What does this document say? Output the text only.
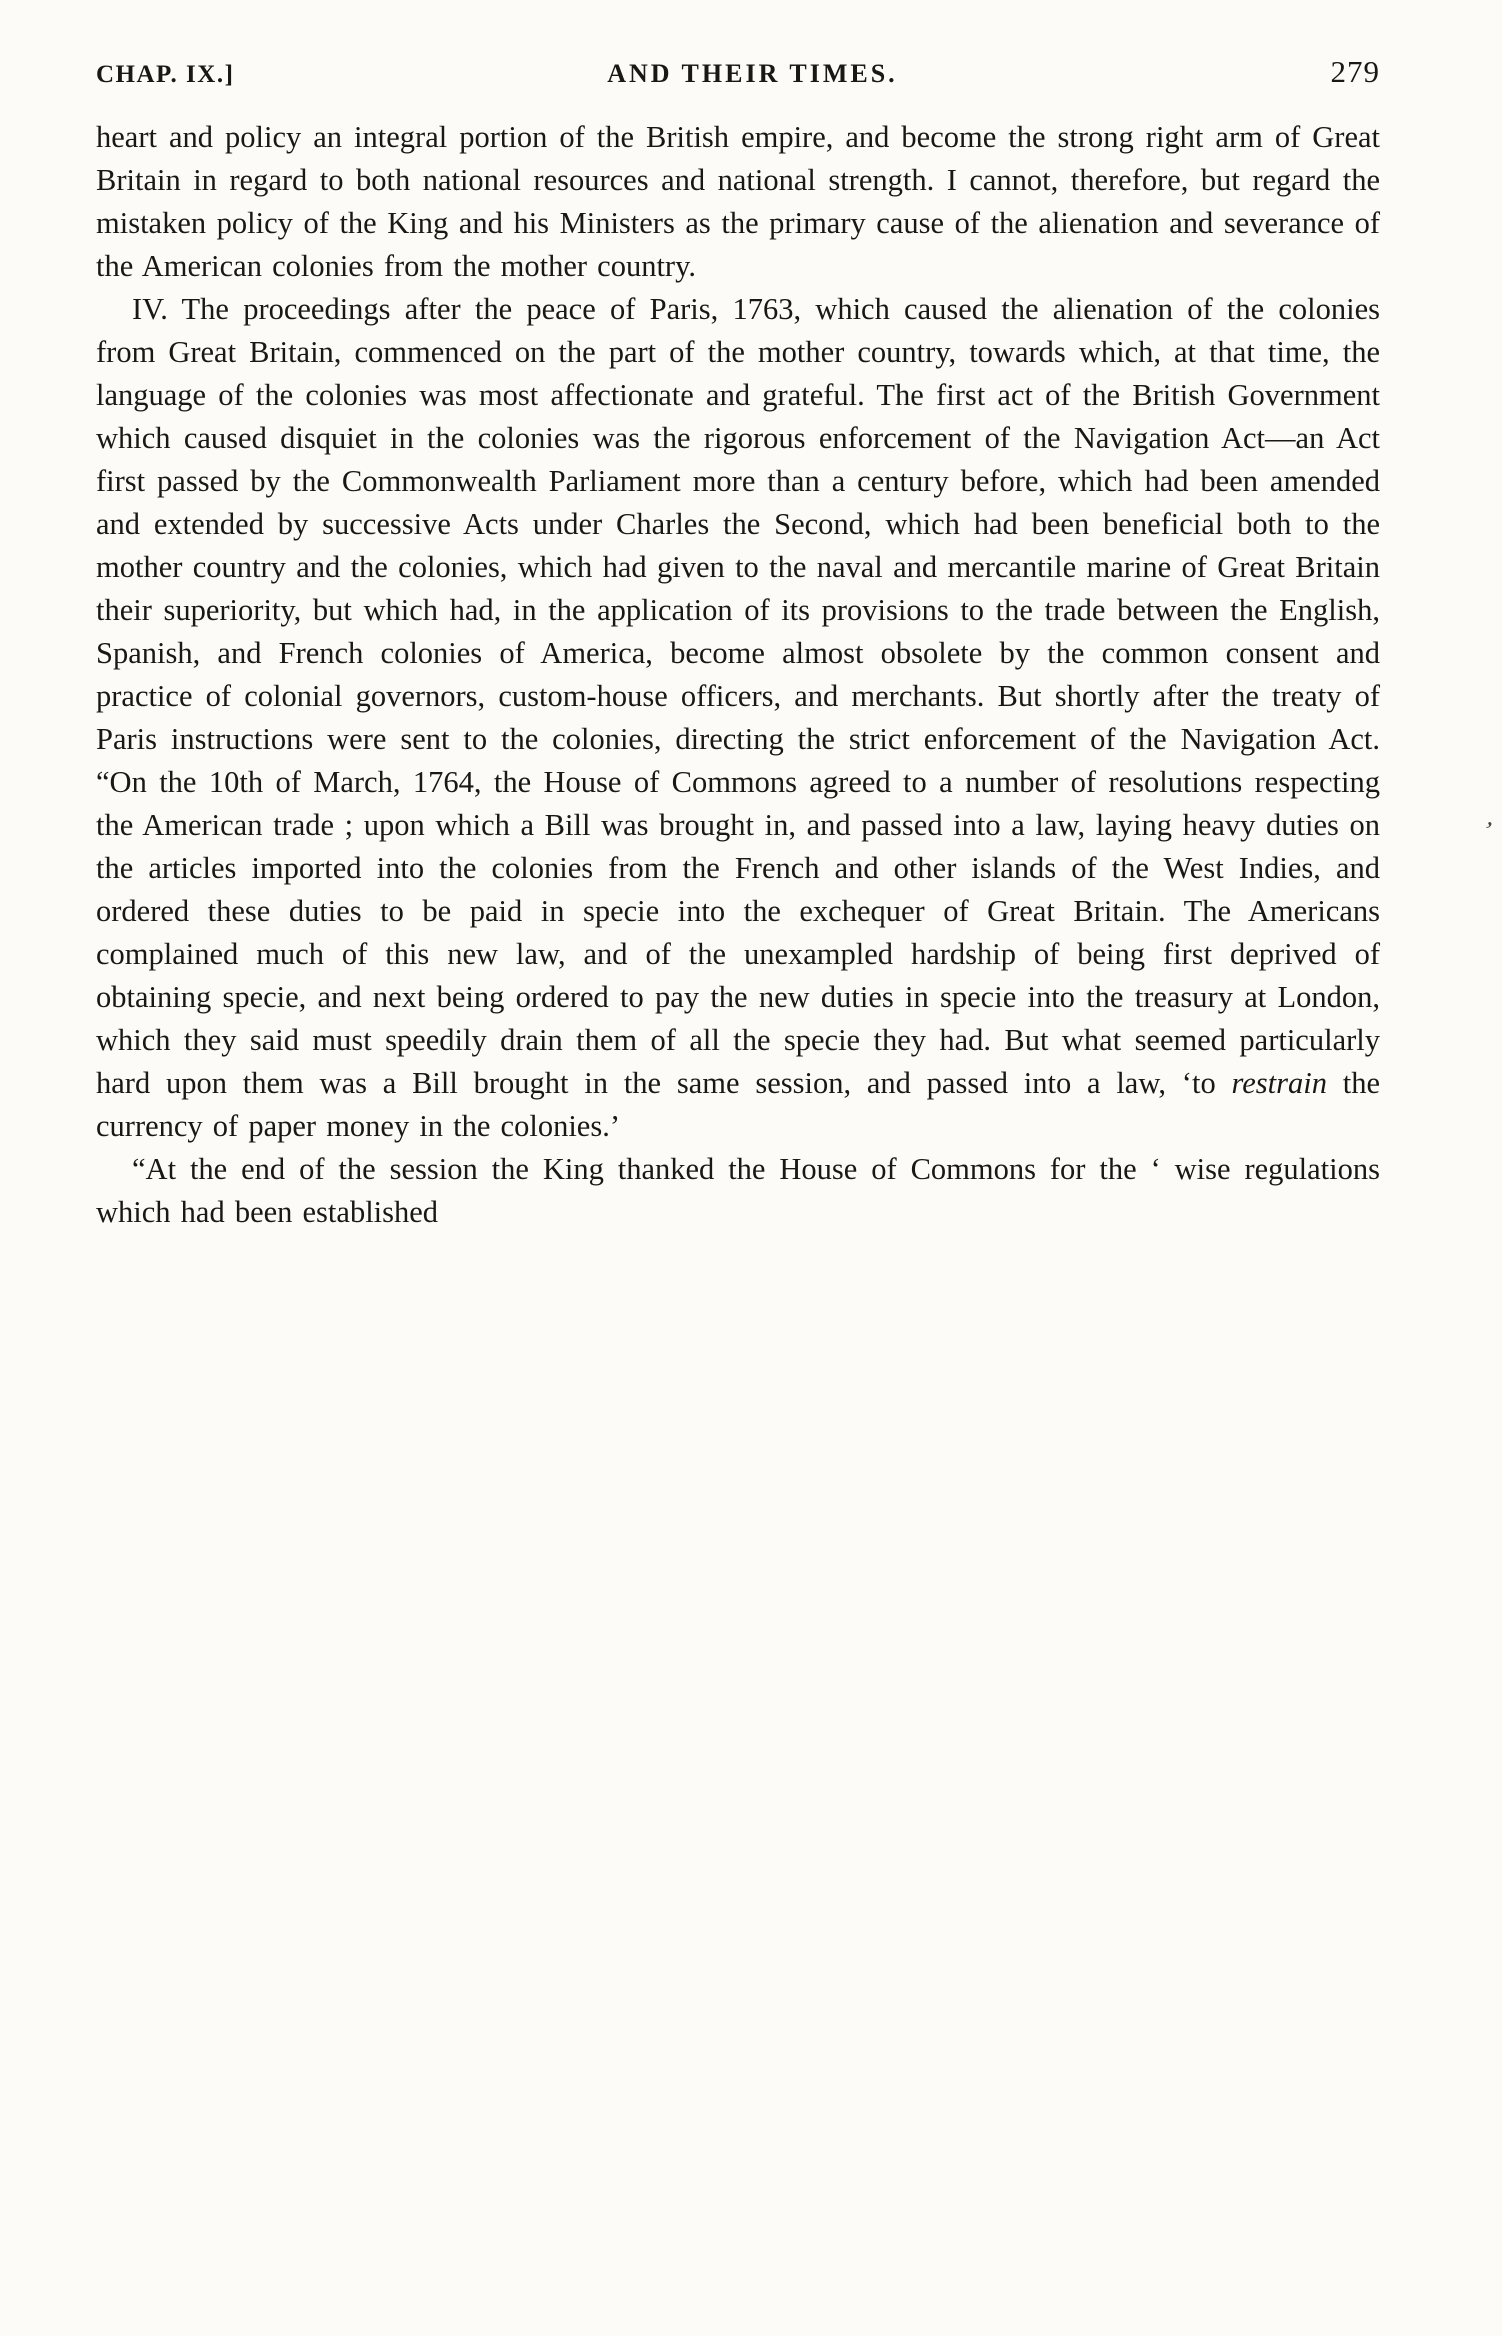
CHAP. IX.]	AND THEIR TIMES.	279

heart and policy an integral portion of the British empire, and become the strong right arm of Great Britain in regard to both national resources and national strength. I cannot, therefore, but regard the mistaken policy of the King and his Ministers as the primary cause of the alienation and severance of the American colonies from the mother country.

IV. The proceedings after the peace of Paris, 1763, which caused the alienation of the colonies from Great Britain, commenced on the part of the mother country, towards which, at that time, the language of the colonies was most affectionate and grateful. The first act of the British Government which caused disquiet in the colonies was the rigorous enforcement of the Navigation Act—an Act first passed by the Commonwealth Parliament more than a century before, which had been amended and extended by successive Acts under Charles the Second, which had been beneficial both to the mother country and the colonies, which had given to the naval and mercantile marine of Great Britain their superiority, but which had, in the application of its provisions to the trade between the English, Spanish, and French colonies of America, become almost obsolete by the common consent and practice of colonial governors, custom-house officers, and merchants. But shortly after the treaty of Paris instructions were sent to the colonies, directing the strict enforcement of the Navigation Act. “On the 10th of March, 1764, the House of Commons agreed to a number of resolutions respecting the American trade ; upon which a Bill was brought in, and passed into a law, laying heavy duties on the articles imported into the colonies from the French and other islands of the West Indies, and ordered these duties to be paid in specie into the exchequer of Great Britain. The Americans complained much of this new law, and of the unexampled hardship of being first deprived of obtaining specie, and next being ordered to pay the new duties in specie into the treasury at London, which they said must speedily drain them of all the specie they had. But what seemed particularly hard upon them was a Bill brought in the same session, and passed into a law, ‘to restrain the currency of paper money in the colonies.’

“At the end of the session the King thanked the House of Commons for the ‘ wise regulations which had been established

’
